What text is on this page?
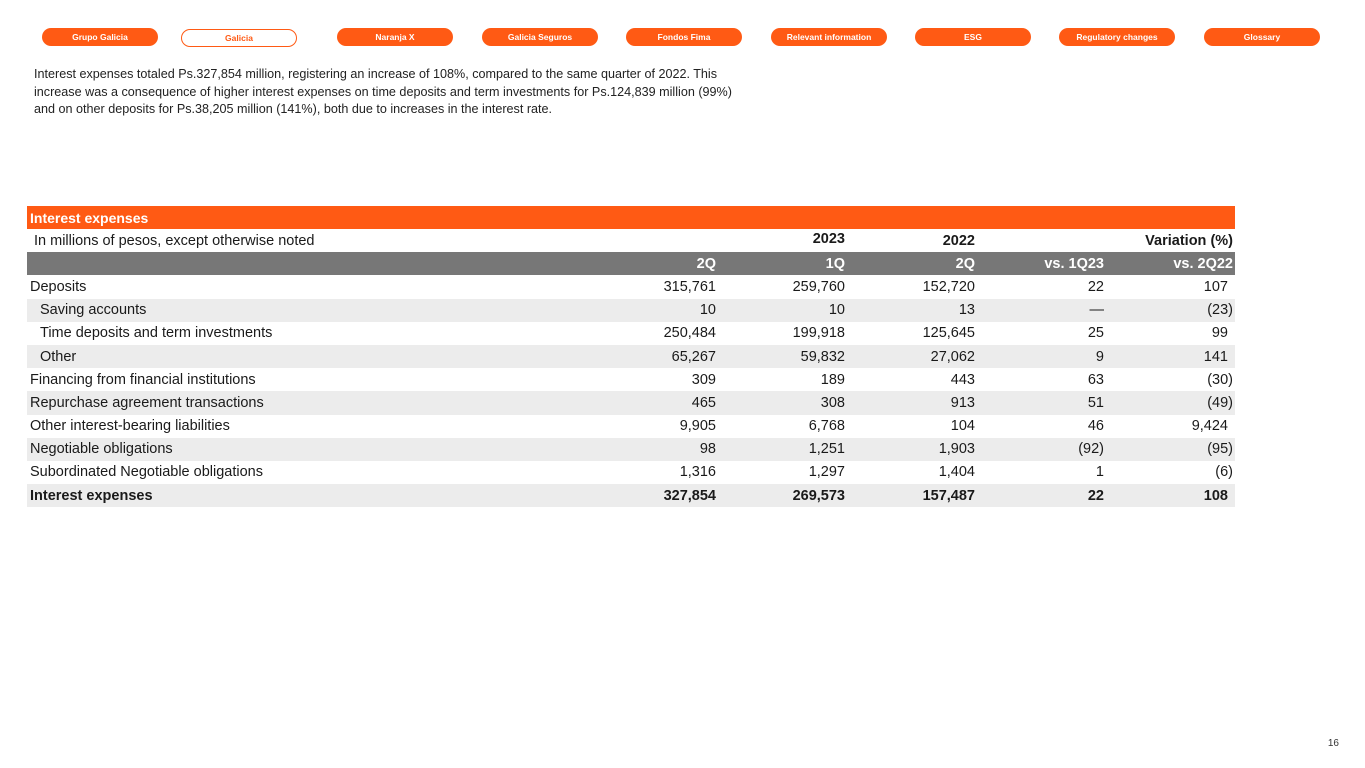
Grupo Galicia	Galicia	Naranja X	Galicia Seguros	Fondos Fima	Relevant information	ESG	Regulatory changes	Glossary
Interest expenses totaled Ps.327,854 million, registering an increase of 108%, compared to the same quarter of 2022. This increase was a consequence of higher interest expenses on time deposits and term investments for Ps.124,839 million (99%) and on other deposits for Ps.38,205 million (141%), both due to increases in the interest rate.
Interest expenses
In millions of pesos, except otherwise noted	2023	2022	Variation (%)
2Q	1Q	2Q	vs. 1Q23	vs. 2Q22
Deposits	315,761	259,760	152,720	22	107
Saving accounts	10	10	13	—	(23)
Time deposits and term investments	250,484	199,918	125,645	25	99
Other	65,267	59,832	27,062	9	141
Financing from financial institutions	309	189	443	63	(30)
Repurchase agreement transactions	465	308	913	51	(49)
Other interest-bearing liabilities	9,905	6,768	104	46	9,424
Negotiable obligations	98	1,251	1,903	(92)	(95)
Subordinated Negotiable obligations	1,316	1,297	1,404	1	(6)
Interest expenses	327,854	269,573	157,487	22	108
16
